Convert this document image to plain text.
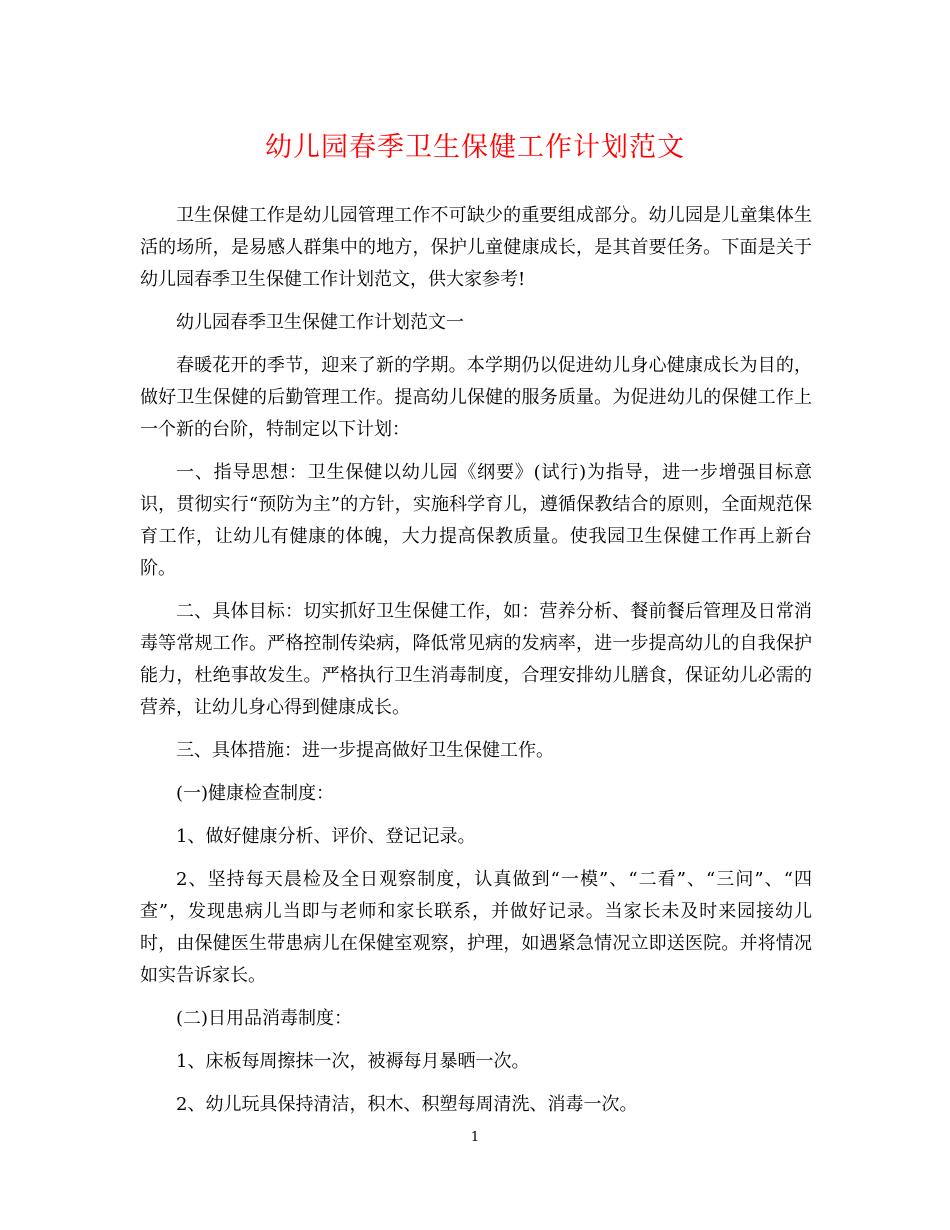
幼儿园春季卫生保健工作计划范文

卫生保健工作是幼儿园管理工作不可缺少的重要组成部分。幼儿园是儿童集体生活的场所，是易感人群集中的地方，保护儿童健康成长，是其首要任务。下面是关于幼儿园春季卫生保健工作计划范文，供大家参考!

幼儿园春季卫生保健工作计划范文一

春暖花开的季节，迎来了新的学期。本学期仍以促进幼儿身心健康成长为目的，做好卫生保健的后勤管理工作。提高幼儿保健的服务质量。为促进幼儿的保健工作上一个新的台阶，特制定以下计划：

一、指导思想：卫生保健以幼儿园《纲要》(试行)为指导，进一步增强目标意识，贯彻实行“预防为主”的方针，实施科学育儿，遵循保教结合的原则，全面规范保育工作，让幼儿有健康的体魄，大力提高保教质量。使我园卫生保健工作再上新台阶。

二、具体目标：切实抓好卫生保健工作，如：营养分析、餐前餐后管理及日常消毒等常规工作。严格控制传染病，降低常见病的发病率，进一步提高幼儿的自我保护能力，杜绝事故发生。严格执行卫生消毒制度，合理安排幼儿膳食，保证幼儿必需的营养，让幼儿身心得到健康成长。

三、具体措施：进一步提高做好卫生保健工作。

(一)健康检查制度：

1、做好健康分析、评价、登记记录。

2、坚持每天晨检及全日观察制度，认真做到“一模”、“二看”、“三问”、“四查”，发现患病儿当即与老师和家长联系，并做好记录。当家长未及时来园接幼儿时，由保健医生带患病儿在保健室观察，护理，如遇紧急情况立即送医院。并将情况如实告诉家长。

(二)日用品消毒制度：

1、床板每周擦抹一次，被褥每月暴晒一次。

2、幼儿玩具保持清洁，积木、积塑每周清洗、消毒一次。

1
